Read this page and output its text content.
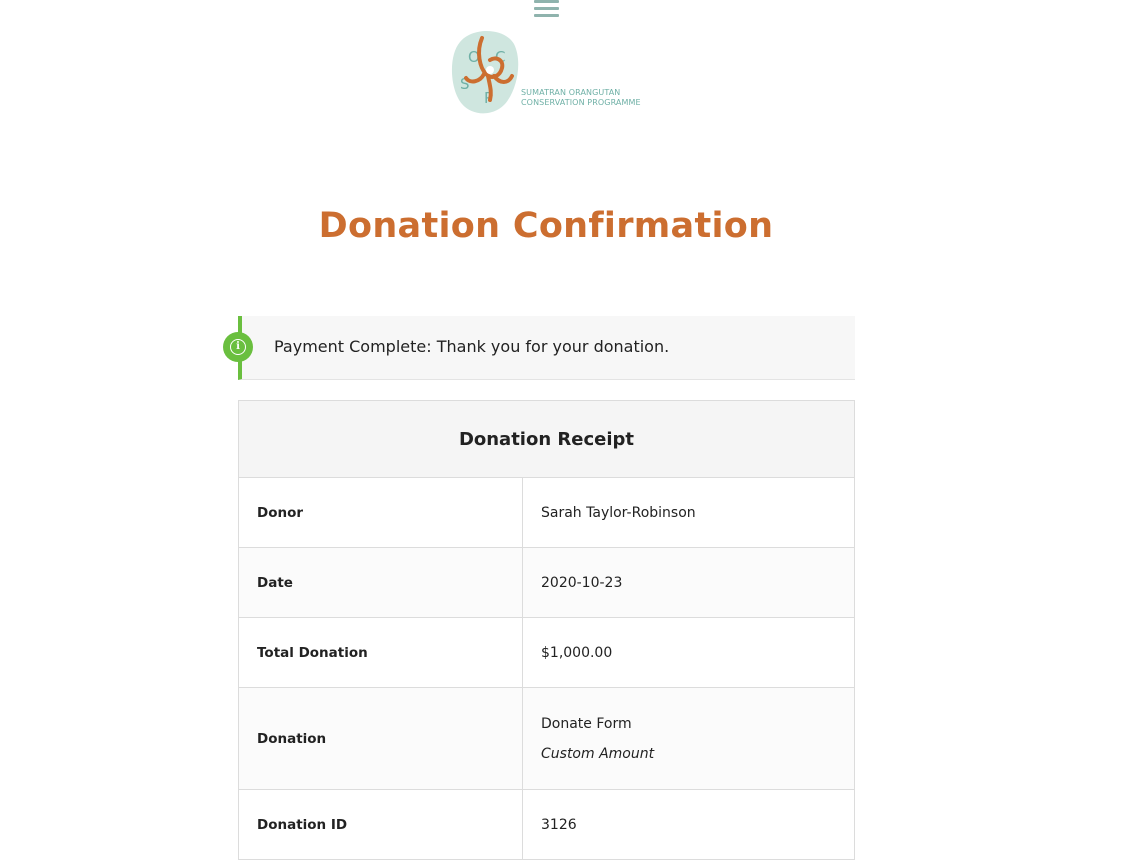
O C
S
P	SUMATRAN ORANGUTAN
CONSERVATION PROGRAMME
Donation Confirmation
i	Payment Complete: Thank you for your donation.
Donation Receipt	
Donor	Sarah Taylor-Robinson
Date	2020-10-23
Total Donation	$1,000.00
Donation	Donate Form
Custom Amount

Donation ID	3126
